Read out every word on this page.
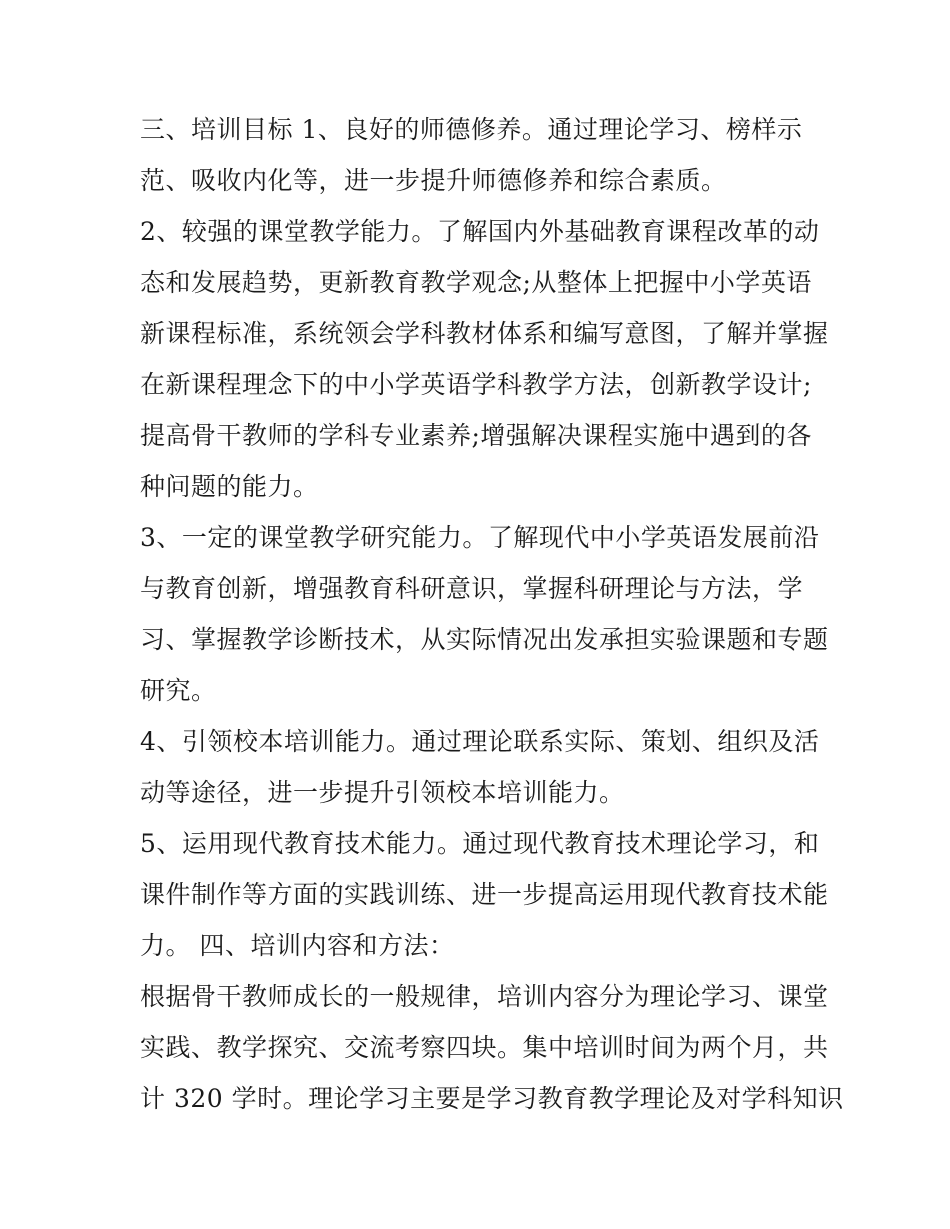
三、培训目标 1、良好的师德修养。通过理论学习、榜样示
范、吸收内化等，进一步提升师德修养和综合素质。
2、较强的课堂教学能力。了解国内外基础教育课程改革的动
态和发展趋势，更新教育教学观念;从整体上把握中小学英语
新课程标准，系统领会学科教材体系和编写意图，了解并掌握
在新课程理念下的中小学英语学科教学方法，创新教学设计;
提高骨干教师的学科专业素养;增强解决课程实施中遇到的各
种问题的能力。
3、一定的课堂教学研究能力。了解现代中小学英语发展前沿
与教育创新，增强教育科研意识，掌握科研理论与方法，学
习、掌握教学诊断技术，从实际情况出发承担实验课题和专题
研究。
4、引领校本培训能力。通过理论联系实际、策划、组织及活
动等途径，进一步提升引领校本培训能力。
5、运用现代教育技术能力。通过现代教育技术理论学习，和
课件制作等方面的实践训练、进一步提高运用现代教育技术能
力。 四、培训内容和方法：
根据骨干教师成长的一般规律，培训内容分为理论学习、课堂
实践、教学探究、交流考察四块。集中培训时间为两个月，共
计 320 学时。理论学习主要是学习教育教学理论及对学科知识
